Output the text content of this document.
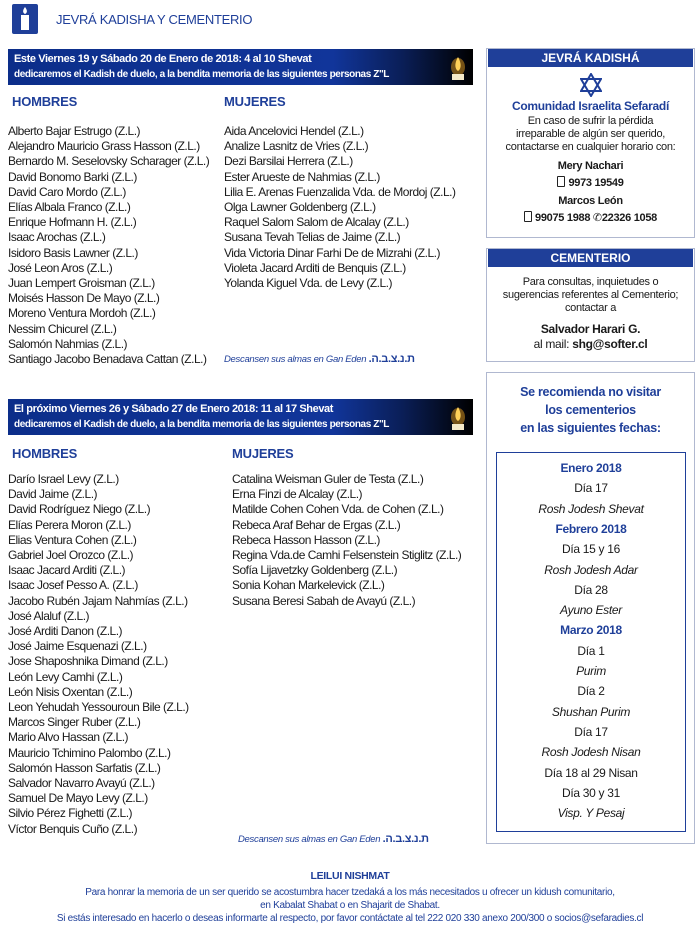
JEVRÁ KADISHA Y CEMENTERIO
Este Viernes 19 y Sábado 20 de Enero de 2018: 4 al 10 Shevat
dedicaremos el Kadish de duelo, a la bendita memoria de las siguientes personas Z"L
HOMBRES	MUJERES
Alberto Bajar Estrugo (Z.L.)
Alejandro Mauricio Grass Hasson (Z.L.)
Bernardo M. Seselovsky Scharager (Z.L.)
David Bonomo Barki (Z.L.)
David Caro Mordo (Z.L.)
Elías Albala Franco (Z.L.)
Enrique Hofmann H. (Z.L.)
Isaac Arochas (Z.L.)
Isidoro Basis Lawner (Z.L.)
José Leon Aros (Z.L.)
Juan Lempert Groisman (Z.L.)
Moisés Hasson De Mayo (Z.L.)
Moreno Ventura Mordoh (Z.L.)
Nessim Chicurel (Z.L.)
Salomón Nahmias (Z.L.)
Santiago Jacobo Benadava Cattan (Z.L.)
Aida Ancelovici Hendel (Z.L.)
Analize Lasnitz de Vries (Z.L.)
Dezi Barsilai Herrera (Z.L.)
Ester Arueste de Nahmias (Z.L.)
Lilia E. Arenas Fuenzalida Vda. de Mordoj (Z.L.)
Olga Lawner Goldenberg (Z.L.)
Raquel Salom Salom de Alcalay (Z.L.)
Susana Tevah Telias de Jaime (Z.L.)
Vida Victoria Dinar Farhi De de Mizrahi (Z.L.)
Violeta Jacard Arditi de Benquis (Z.L.)
Yolanda Kiguel Vda. de Levy (Z.L.)
Descansen sus almas en Gan Eden ת.נ.צ.ב.ה.
El próximo Viernes 26 y Sábado 27 de Enero 2018: 11 al 17 Shevat
dedicaremos el Kadish de duelo, a la bendita memoria de las siguientes personas Z"L
HOMBRES	MUJERES
Darío Israel Levy (Z.L.)
David Jaime (Z.L.)
David Rodríguez Niego (Z.L.)
Elías Perera Moron (Z.L.)
Elias Ventura Cohen (Z.L.)
Gabriel Joel Orozco (Z.L.)
Isaac Jacard Arditi (Z.L.)
Isaac Josef Pesso A. (Z.L.)
Jacobo Rubén Jajam Nahmías (Z.L.)
José Alaluf (Z.L.)
José Arditi Danon (Z.L.)
José Jaime Esquenazi (Z.L.)
Jose Shaposhnika Dimand (Z.L.)
León Levy Camhi (Z.L.)
León Nisis Oxentan (Z.L.)
Leon Yehudah Yessouroun Bile (Z.L.)
Marcos Singer Ruber (Z.L.)
Mario Alvo Hassan (Z.L.)
Mauricio Tchimino Palombo (Z.L.)
Salomón Hasson Sarfatis (Z.L.)
Salvador Navarro Avayú (Z.L.)
Samuel De Mayo Levy (Z.L.)
Silvio Pérez Fighetti (Z.L.)
Víctor Benquis Cuño (Z.L.)
Catalina Weisman Guler de Testa (Z.L.)
Erna Finzi de Alcalay (Z.L.)
Matilde Cohen Cohen Vda. de Cohen (Z.L.)
Rebeca Araf Behar de Ergas (Z.L.)
Rebeca Hasson Hasson (Z.L.)
Regina Vda.de Camhi Felsenstein Stiglitz (Z.L.)
Sofía Lijavetzky Goldenberg (Z.L.)
Sonia Kohan Markelevick (Z.L.)
Susana Beresi Sabah de Avayú (Z.L.)
Descansen sus almas en Gan Eden ת.נ.צ.ב.ה.
JEVRÁ KADISHÁ
Comunidad Israelita Sefaradí
En caso de sufrir la pérdida
irreparable de algún ser querido,
contactarse en cualquier horario con:
Mery Nachari
9973 19549
Marcos León
99075 1988 ✆22326 1058
CEMENTERIO
Para consultas, inquietudes o
sugerencias referentes al Cementerio;
contactar a
Salvador Harari G.
al mail: shg@softer.cl
Se recomienda no visitar
los cementerios
en las siguientes fechas:
Enero 2018
Día 17
Rosh Jodesh Shevat
Febrero 2018
Día 15 y 16
Rosh Jodesh Adar
Día 28
Ayuno Ester
Marzo 2018
Día 1
Purim
Día 2
Shushan Purim
Día 17
Rosh Jodesh Nisan
Día 18 al 29 Nisan
Día 30 y 31
Visp. Y Pesaj
LEILUI NISHMAT
Para honrar la memoria de un ser querido se acostumbra hacer tzedaká a los más necesitados u ofrecer un kidush comunitario,
en Kabalat Shabat o en Shajarit de Shabat.
Si estás interesado en hacerlo o deseas informarte al respecto, por favor contáctate al tel 222 020 330 anexo 200/300 o socios@sefaradies.cl
